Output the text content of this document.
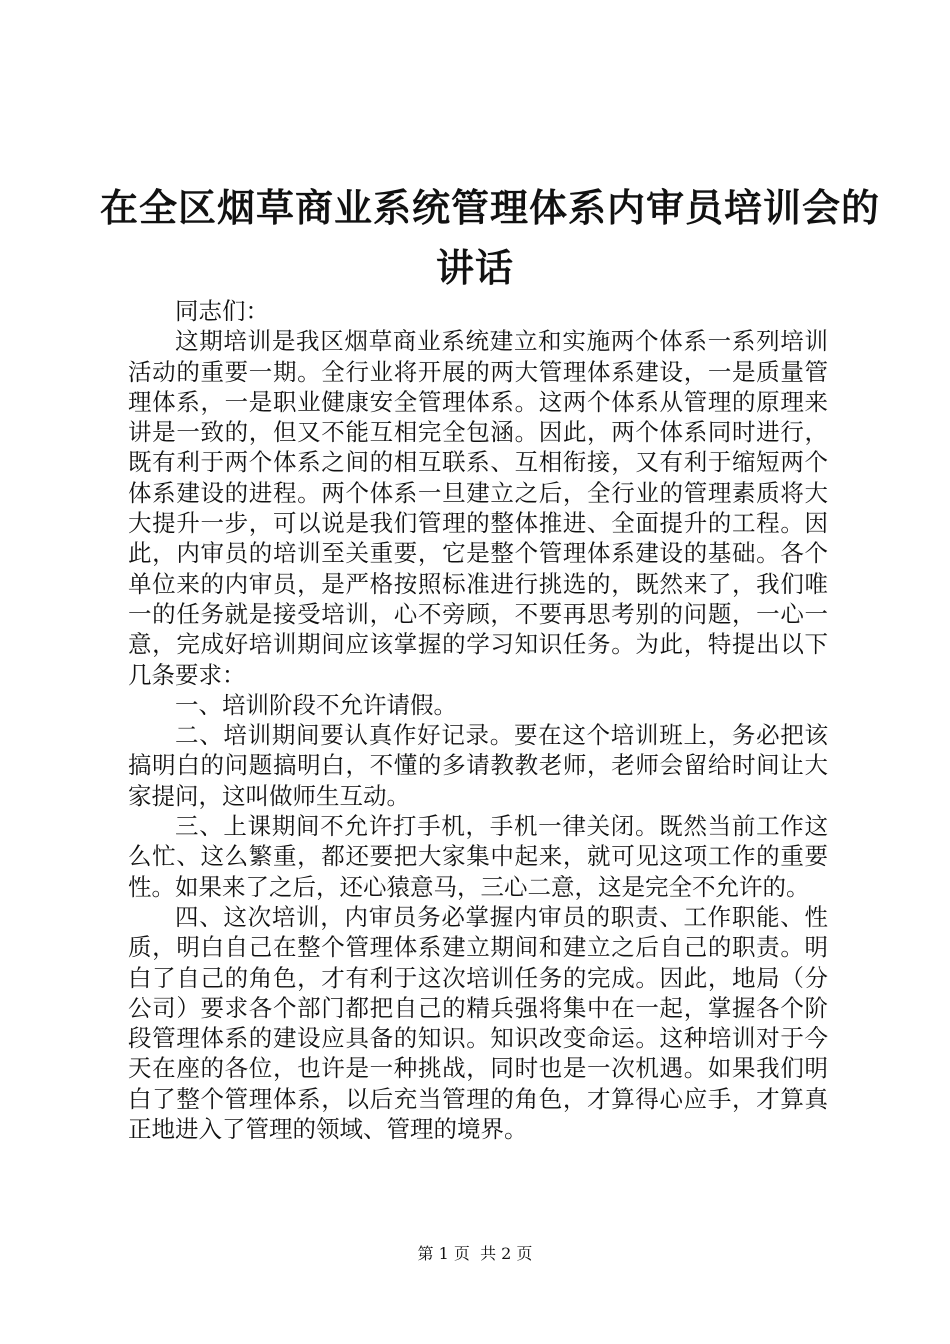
在全区烟草商业系统管理体系内审员培训会的
讲话

同志们：

这期培训是我区烟草商业系统建立和实施两个体系一系列培训活动的重要一期。全行业将开展的两大管理体系建设，一是质量管理体系，一是职业健康安全管理体系。这两个体系从管理的原理来讲是一致的，但又不能互相完全包涵。因此，两个体系同时进行，既有利于两个体系之间的相互联系、互相衔接，又有利于缩短两个体系建设的进程。两个体系一旦建立之后，全行业的管理素质将大大提升一步，可以说是我们管理的整体推进、全面提升的工程。因此，内审员的培训至关重要，它是整个管理体系建设的基础。各个单位来的内审员，是严格按照标准进行挑选的，既然来了，我们唯一的任务就是接受培训，心不旁顾，不要再思考别的问题，一心一意，完成好培训期间应该掌握的学习知识任务。为此，特提出以下几条要求：

一、培训阶段不允许请假。

二、培训期间要认真作好记录。要在这个培训班上，务必把该搞明白的问题搞明白，不懂的多请教教老师，老师会留给时间让大家提问，这叫做师生互动。

三、上课期间不允许打手机，手机一律关闭。既然当前工作这么忙、这么繁重，都还要把大家集中起来，就可见这项工作的重要性。如果来了之后，还心猿意马，三心二意，这是完全不允许的。

四、这次培训，内审员务必掌握内审员的职责、工作职能、性质，明白自己在整个管理体系建立期间和建立之后自己的职责。明白了自己的角色，才有利于这次培训任务的完成。因此，地局（分公司）要求各个部门都把自己的精兵强将集中在一起，掌握各个阶段管理体系的建设应具备的知识。知识改变命运。这种培训对于今天在座的各位，也许是一种挑战，同时也是一次机遇。如果我们明白了整个管理体系，以后充当管理的角色，才算得心应手，才算真正地进入了管理的领域、管理的境界。

第 1 页  共 2 页
